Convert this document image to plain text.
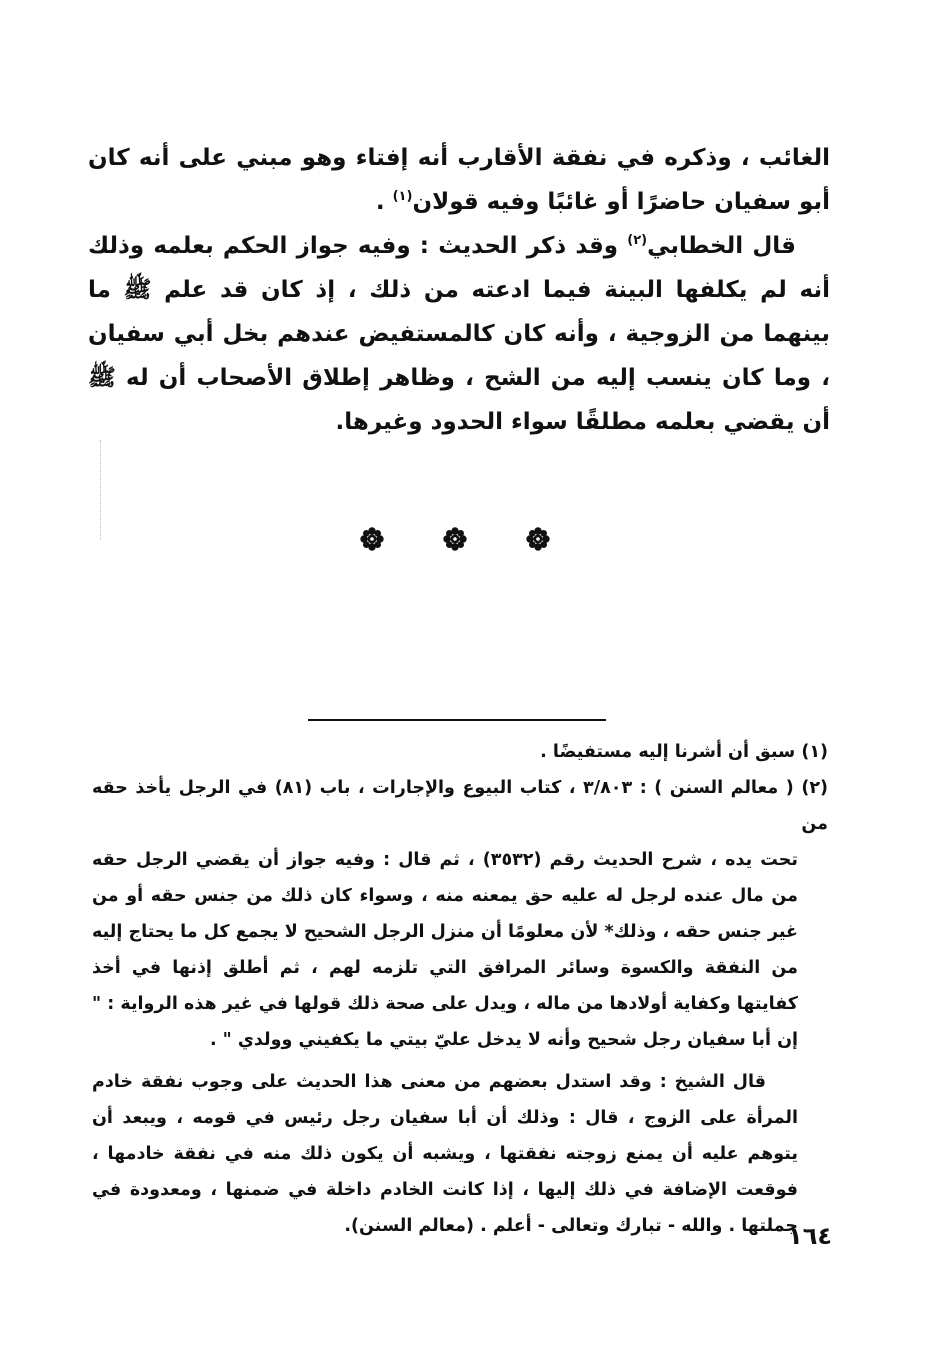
الغائب ، وذكره في نفقة الأقارب أنه إفتاء وهو مبني على أنه كان أبو سفيان حاضرًا أو غائبًا وفيه قولان$^{(١)}$ .

قال الخطابي$^{(٢)}$ وقد ذكر الحديث : وفيه جواز الحكم بعلمه وذلك أنه لم يكلفها البينة فيما ادعته من ذلك ، إذ كان قد علم ﷺ ما بينهما من الزوجية ، وأنه كان كالمستفيض عندهم بخل أبي سفيان ، وما كان ينسب إليه من الشح ، وظاهر إطلاق الأصحاب أن له ﷺ أن يقضي بعلمه مطلقًا سواء الحدود وغيرها.

(١) سبق أن أشرنا إليه مستفيضًا .
(٢) ( معالم السنن ) : ٣/٨٠٣ ، كتاب البيوع والإجارات ، باب (٨١) في الرجل يأخذ حقه من
تحت يده ، شرح الحديث رقم (٣٥٣٢) ، ثم قال : وفيه جواز أن يقضي الرجل حقه من مال عنده لرجل له عليه حق يمعنه منه ، وسواء كان ذلك من جنس حقه أو من غير جنس حقه ، وذلك* لأن معلومًا أن منزل الرجل الشحيح لا يجمع كل ما يحتاج إليه من النفقة والكسوة وسائر المرافق التي تلزمه لهم ، ثم أطلق إذنها في أخذ كفايتها وكفاية أولادها من ماله ، ويدل على صحة ذلك قولها في غير هذه الرواية : " إن أبا سفيان رجل شحيح وأنه لا يدخل عليّ بيتي ما يكفيني وولدي " .
قال الشيخ : وقد استدل بعضهم من معنى هذا الحديث على وجوب نفقة خادم المرأة على الزوج ، قال : وذلك أن أبا سفيان رجل رئيس في قومه ، ويبعد أن يتوهم عليه أن يمنع زوجته نفقتها ، ويشبه أن يكون ذلك منه في نفقة خادمها ، فوقعت الإضافة في ذلك إليها ، إذا كانت الخادم داخلة في ضمنها ، ومعدودة في جملتها . والله - تبارك وتعالى - أعلم . (معالم السنن).
١٦٤
